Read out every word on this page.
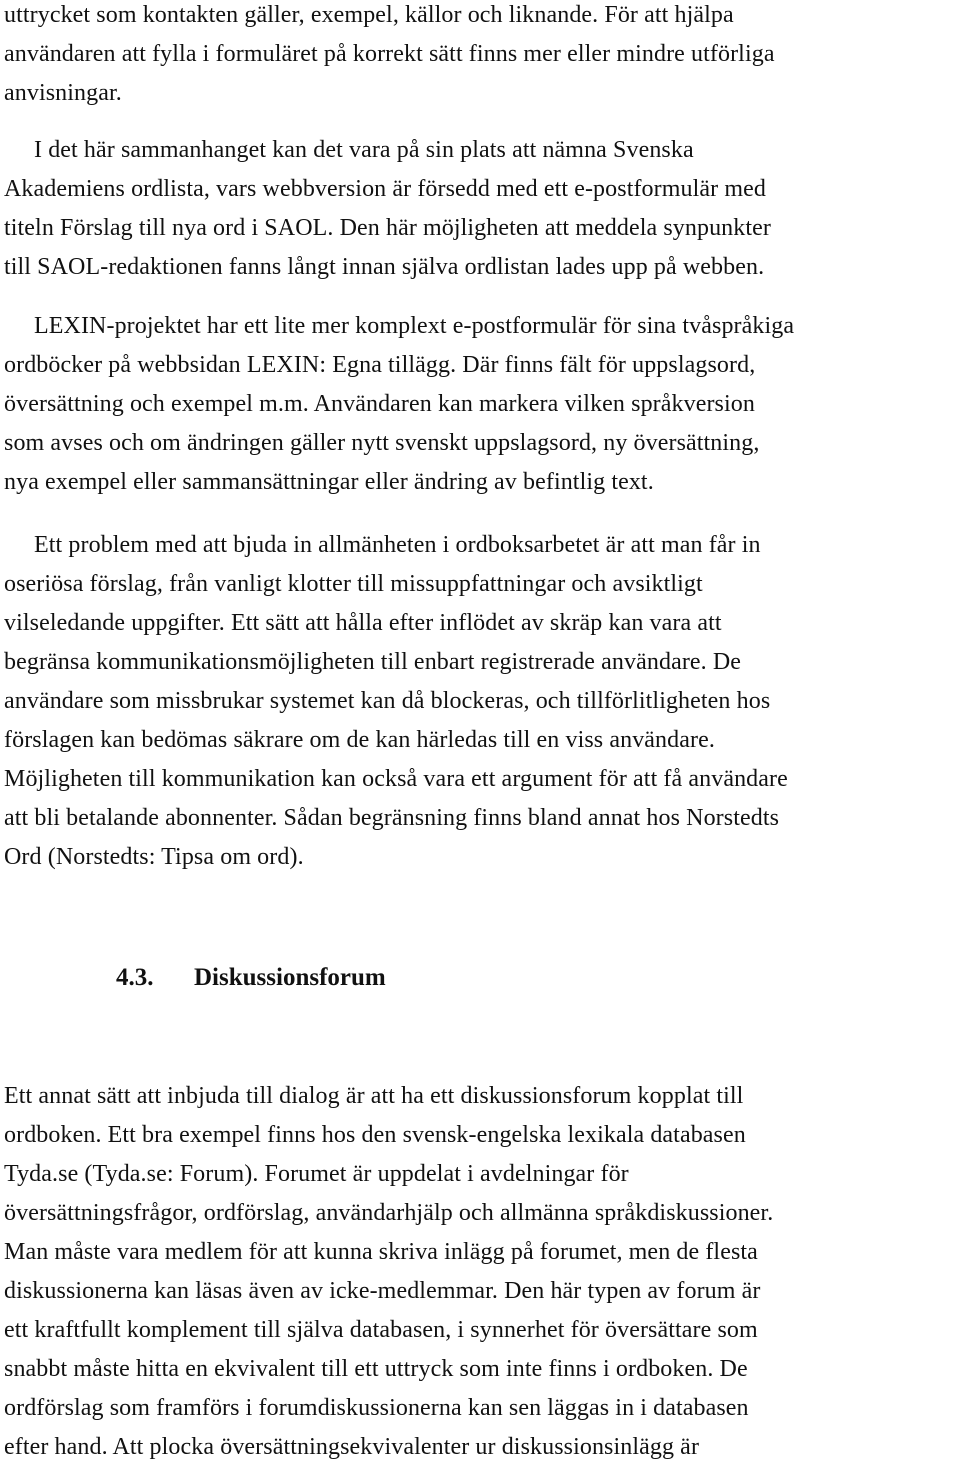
uttrycket som kontakten gäller, exempel, källor och liknande. För att hjälpa
användaren att fylla i formuläret på korrekt sätt finns mer eller mindre utförliga
anvisningar.

I det här sammanhanget kan det vara på sin plats att nämna Svenska
Akademiens ordlista, vars webbversion är försedd med ett e-postformulär med
titeln Förslag till nya ord i SAOL. Den här möjligheten att meddela synpunkter
till SAOL-redaktionen fanns långt innan själva ordlistan lades upp på webben.

LEXIN-projektet har ett lite mer komplext e-postformulär för sina tvåspråkiga
ordböcker på webbsidan LEXIN: Egna tillägg. Där finns fält för uppslagsord,
översättning och exempel m.m. Användaren kan markera vilken språkversion
som avses och om ändringen gäller nytt svenskt uppslagsord, ny översättning,
nya exempel eller sammansättningar eller ändring av befintlig text.

Ett problem med att bjuda in allmänheten i ordboksarbetet är att man får in
oseriösa förslag, från vanligt klotter till missuppfattningar och avsiktligt
vilseledande uppgifter. Ett sätt att hålla efter inflödet av skräp kan vara att
begränsa kommunikationsmöjligheten till enbart registrerade användare. De
användare som missbrukar systemet kan då blockeras, och tillförlitligheten hos
förslagen kan bedömas säkrare om de kan härledas till en viss användare.
Möjligheten till kommunikation kan också vara ett argument för att få användare
att bli betalande abonnenter. Sådan begränsning finns bland annat hos Norstedts
Ord (Norstedts: Tipsa om ord).

4.3. Diskussionsforum

Ett annat sätt att inbjuda till dialog är att ha ett diskussionsforum kopplat till
ordboken. Ett bra exempel finns hos den svensk-engelska lexikala databasen
Tyda.se (Tyda.se: Forum). Forumet är uppdelat i avdelningar för
översättningsfrågor, ordförslag, användarhjälp och allmänna språkdiskussioner.
Man måste vara medlem för att kunna skriva inlägg på forumet, men de flesta
diskussionerna kan läsas även av icke-medlemmar. Den här typen av forum är
ett kraftfullt komplement till själva databasen, i synnerhet för översättare som
snabbt måste hitta en ekvivalent till ett uttryck som inte finns i ordboken. De
ordförslag som framförs i forumdiskussionerna kan sen läggas in i databasen
efter hand. Att plocka översättningsekvivalenter ur diskussionsinlägg är
